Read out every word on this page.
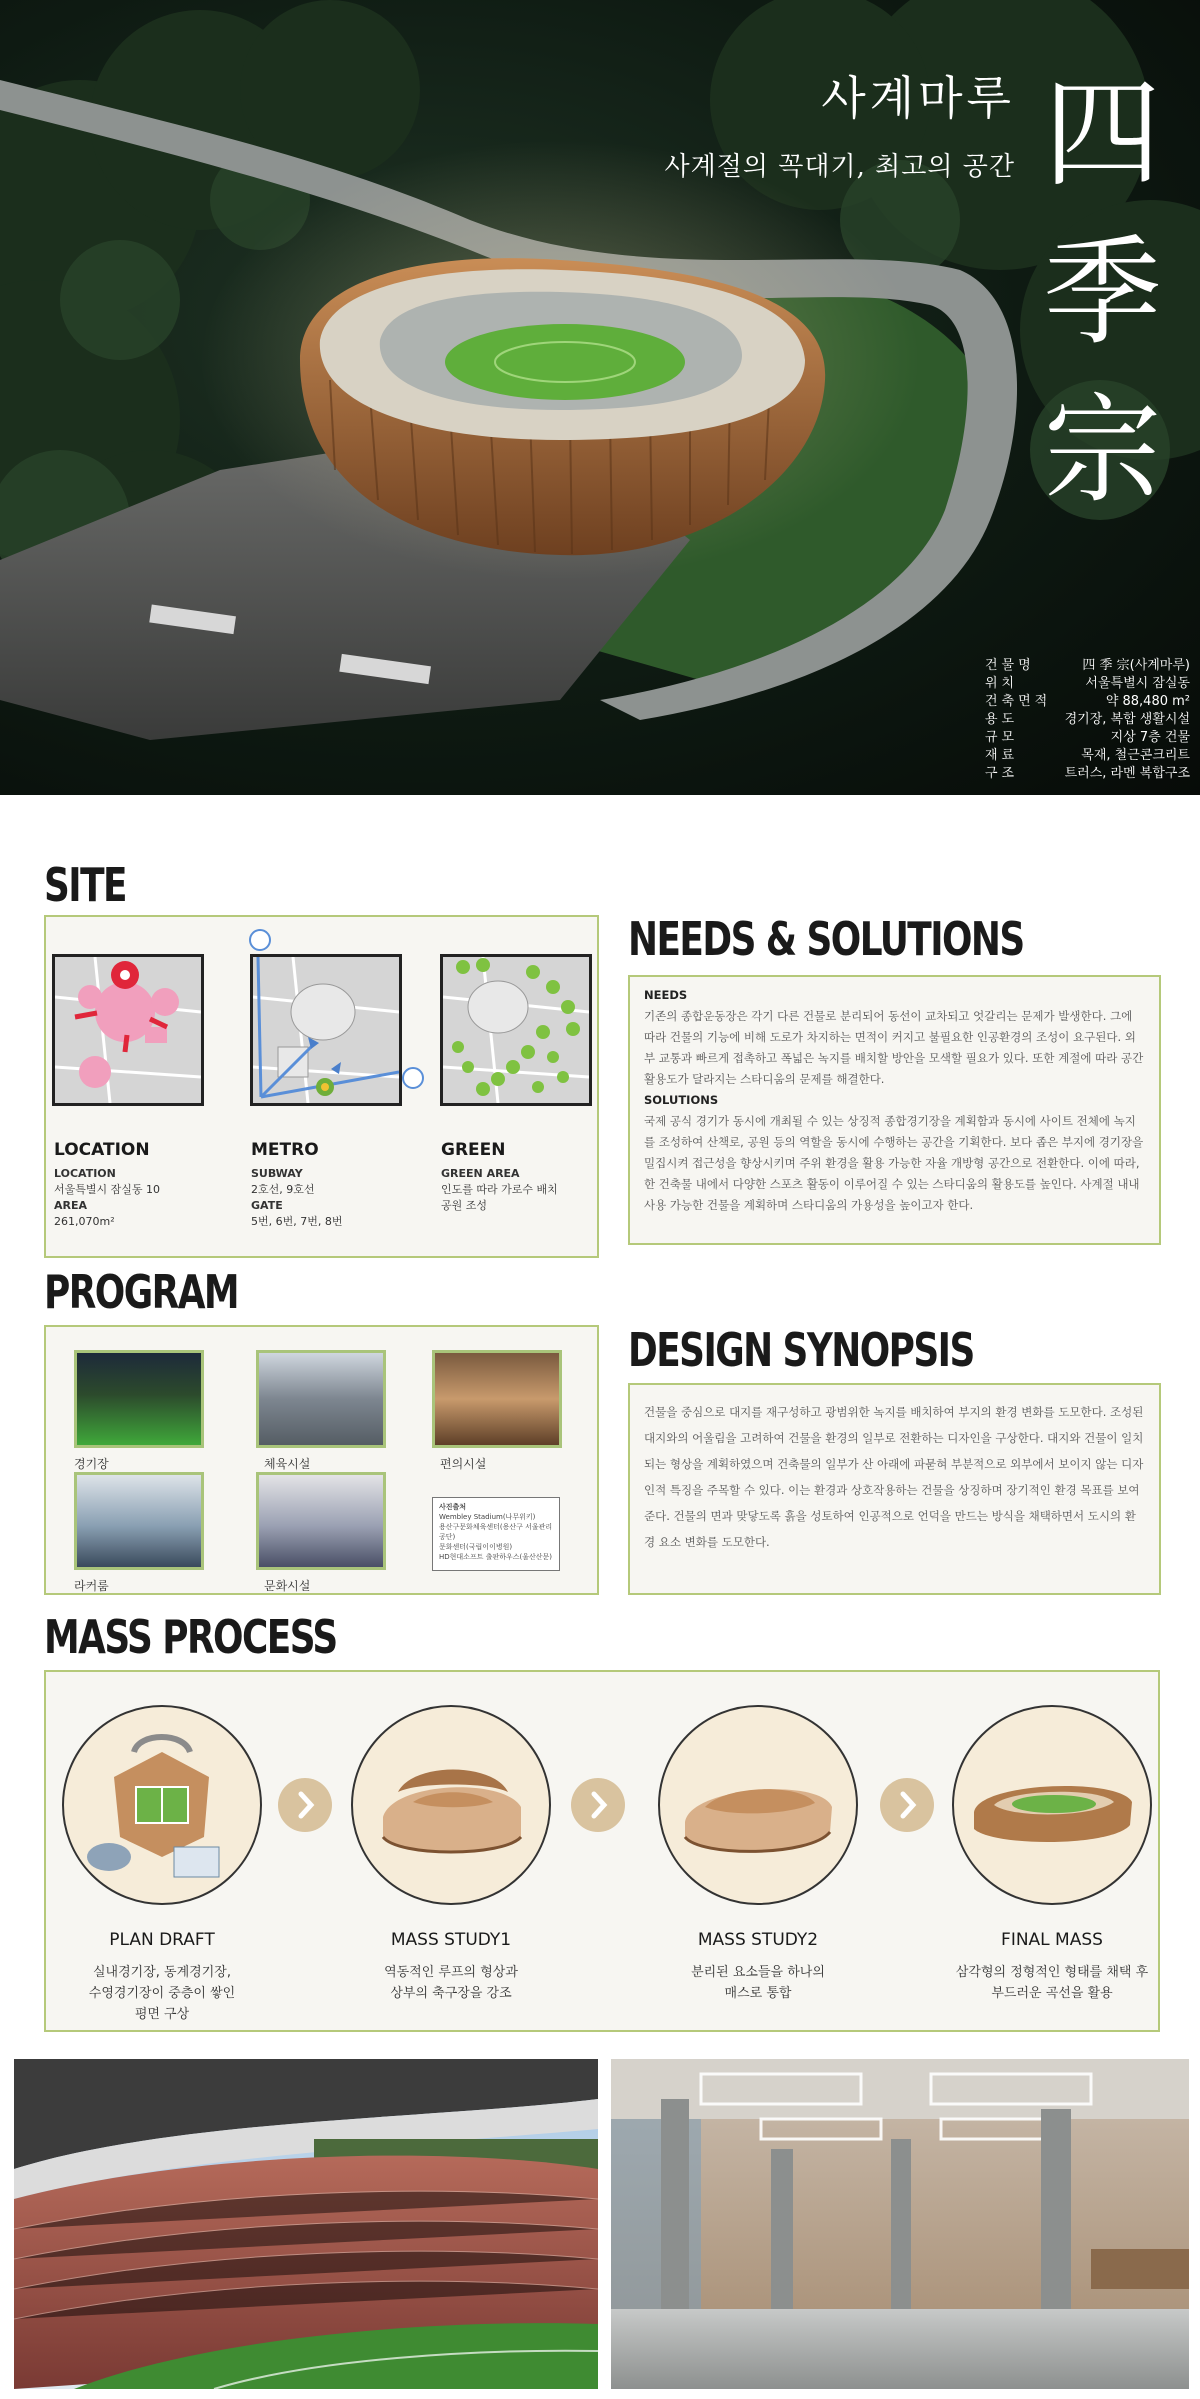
사계마루
사계절의 꼭대기, 최고의 공간 四
季
宗
건물명	四 季 宗(사계마루)
위치	서울특별시 잠실동
건축면적	약 88,480 m²
용도	경기장, 복합 생활시설
규모	지상 7층 건물
재료	목재, 철근콘크리트
구조	트러스, 라멘 복합구조
SITE
LOCATION
LOCATION
서울특별시 잠실동 10
AREA
261,070m²
METRO
SUBWAY
2호선, 9호선
GATE
5번, 6번, 7번, 8번
GREEN
GREEN AREA
인도를 따라 가로수 배치
공원 조성
NEEDS & SOLUTIONS
NEEDS
기존의 종합운동장은 각기 다른 건물로 분리되어 동선이 교차되고 엇갈리는 문제가 발생한다. 그에 따라 건물의 기능에 비해 도로가 차지하는 면적이 커지고 불필요한 인공환경의 조성이 요구된다. 외부 교통과 빠르게 접촉하고 폭넓은 녹지를 배치할 방안을 모색할 필요가 있다. 또한 계절에 따라 공간 활용도가 달라지는 스타디움의 문제를 해결한다.
SOLUTIONS
국제 공식 경기가 동시에 개최될 수 있는 상징적 종합경기장을 계획함과 동시에 사이트 전체에 녹지를 조성하여 산책로, 공원 등의 역할을 동시에 수행하는 공간을 기획한다. 보다 좁은 부지에 경기장을 밀집시켜 접근성을 향상시키며 주위 환경을 활용 가능한 자율 개방형 공간으로 전환한다. 이에 따라, 한 건축물 내에서 다양한 스포츠 활동이 이루어질 수 있는 스타디움의 활용도를 높인다. 사계절 내내 사용 가능한 건물을 계획하며 스타디움의 가용성을 높이고자 한다.
PROGRAM
경기장	체육시설	편의시설
라커룸	문화시설
사진출처
Wembley Stadium(나무위키)
용산구문화체육센터(용산구 서울관리공단)
문화센터(국립이이병원)
HD현대소프트 출판하우스(울산산문)
DESIGN SYNOPSIS
건물을 중심으로 대지를 재구성하고 광범위한 녹지를 배치하여 부지의 환경 변화를 도모한다. 조성된 대지와의 어울림을 고려하여 건물을 환경의 일부로 전환하는 디자인을 구상한다. 대지와 건물이 일치되는 형상을 계획하였으며 건축물의 일부가 산 아래에 파묻혀 부분적으로 외부에서 보이지 않는 디자인적 특징을 주목할 수 있다. 이는 환경과 상호작용하는 건물을 상징하며 장기적인 환경 목표를 보여준다. 건물의 면과 맞닿도록 흙을 성토하여 인공적으로 언덕을 만드는 방식을 채택하면서 도시의 환경 요소 변화를 도모한다.
MASS PROCESS
PLAN DRAFT
실내경기장, 동계경기장,
수영경기장이 중층이 쌓인
평면 구상
MASS STUDY1
역동적인 루프의 형상과
상부의 축구장을 강조
MASS STUDY2
분리된 요소들을 하나의
매스로 통합
FINAL MASS
삼각형의 정형적인 형태를 채택 후
부드러운 곡선을 활용
